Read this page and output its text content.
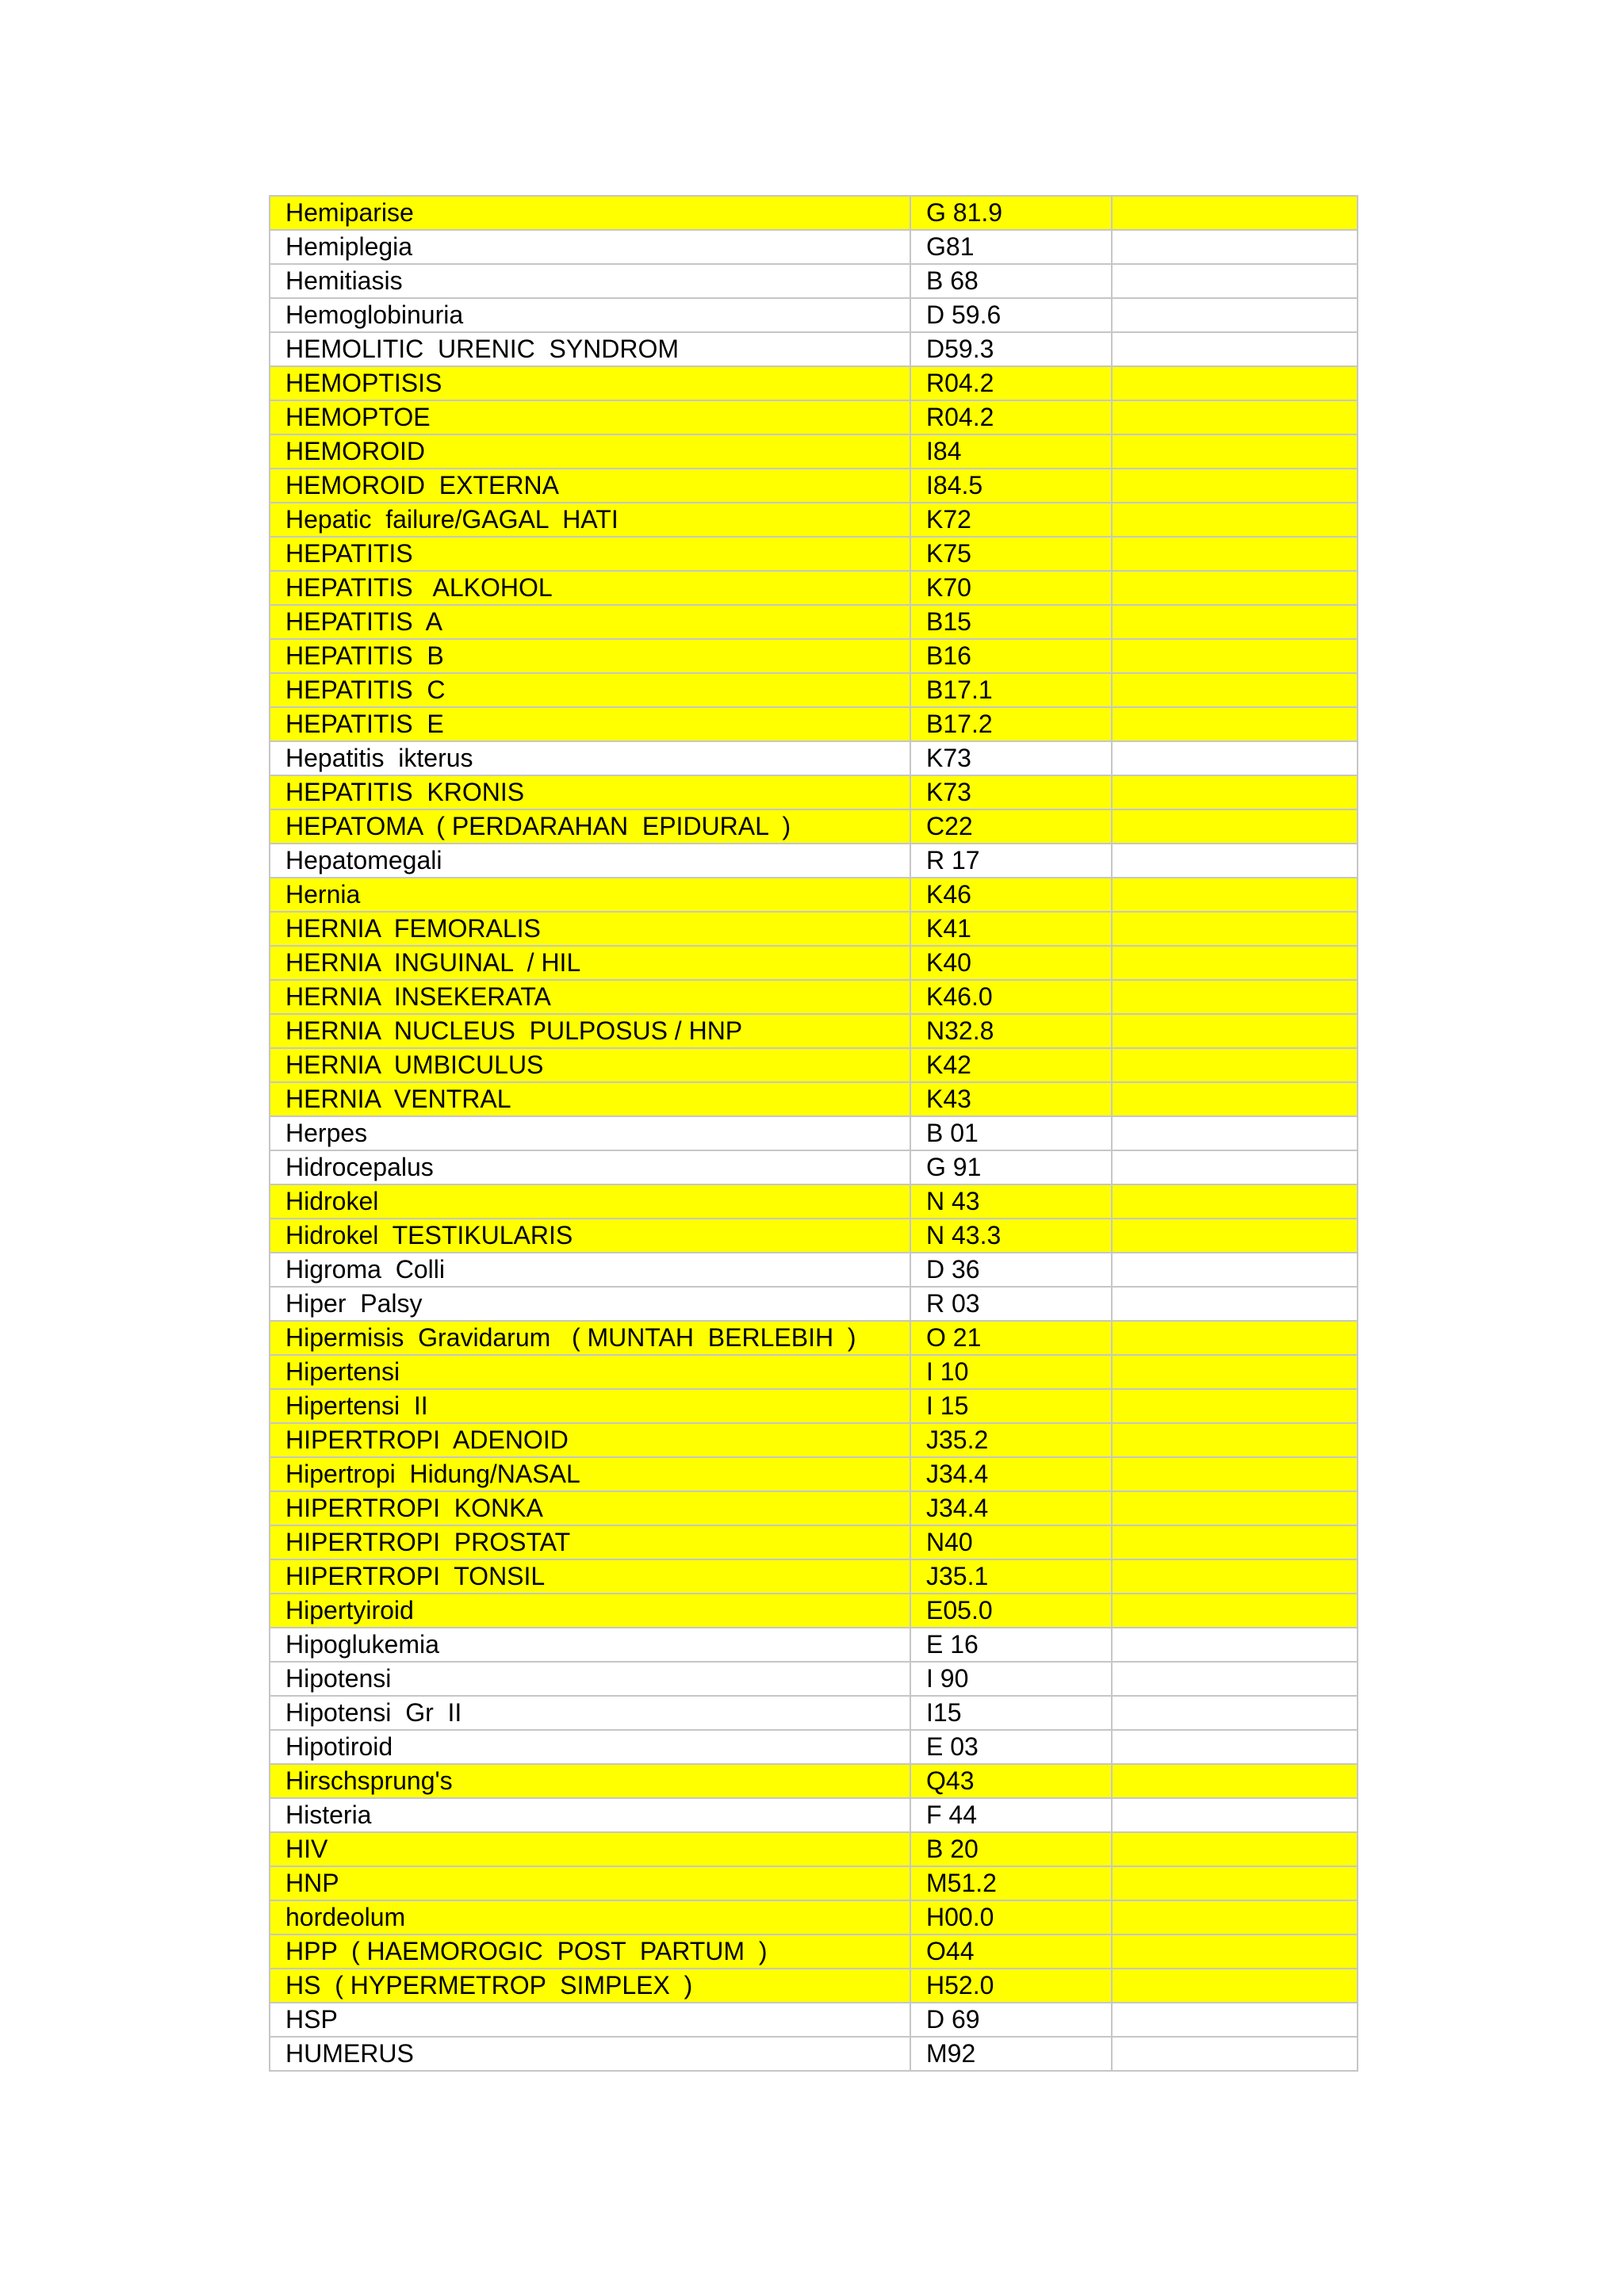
Hemiparise	G 81.9	
Hemiplegia	G81	
Hemitiasis	B 68	
Hemoglobinuria	D 59.6	
HEMOLITIC  URENIC  SYNDROM	D59.3	
HEMOPTISIS	R04.2	
HEMOPTOE	R04.2	
HEMOROID	I84	
HEMOROID  EXTERNA	I84.5	
Hepatic  failure/GAGAL  HATI	K72	
HEPATITIS	K75	
HEPATITIS   ALKOHOL	K70	
HEPATITIS  A	B15	
HEPATITIS  B	B16	
HEPATITIS  C	B17.1	
HEPATITIS  E	B17.2	
Hepatitis  ikterus	K73	
HEPATITIS  KRONIS	K73	
HEPATOMA  ( PERDARAHAN  EPIDURAL  )	C22	
Hepatomegali	R 17	
Hernia	K46	
HERNIA  FEMORALIS	K41	
HERNIA  INGUINAL  / HIL	K40	
HERNIA  INSEKERATA	K46.0	
HERNIA  NUCLEUS  PULPOSUS / HNP	N32.8	
HERNIA  UMBICULUS	K42	
HERNIA  VENTRAL	K43	
Herpes	B 01	
Hidrocepalus	G 91	
Hidrokel	N 43	
Hidrokel  TESTIKULARIS	N 43.3	
Higroma  Colli	D 36	
Hiper  Palsy	R 03	
Hipermisis  Gravidarum   ( MUNTAH  BERLEBIH  )	O 21	
Hipertensi	I 10	
Hipertensi  II	I 15	
HIPERTROPI  ADENOID	J35.2	
Hipertropi  Hidung/NASAL	J34.4	
HIPERTROPI  KONKA	J34.4	
HIPERTROPI  PROSTAT	N40	
HIPERTROPI  TONSIL	J35.1	
Hipertyiroid	E05.0	
Hipoglukemia	E 16	
Hipotensi	I 90	
Hipotensi  Gr  II	I15	
Hipotiroid	E 03	
Hirschsprung's	Q43	
Histeria	F 44	
HIV	B 20	
HNP	M51.2	
hordeolum	H00.0	
HPP  ( HAEMOROGIC  POST  PARTUM  )	O44	
HS  ( HYPERMETROP  SIMPLEX  )	H52.0	
HSP	D 69	
HUMERUS	M92	
